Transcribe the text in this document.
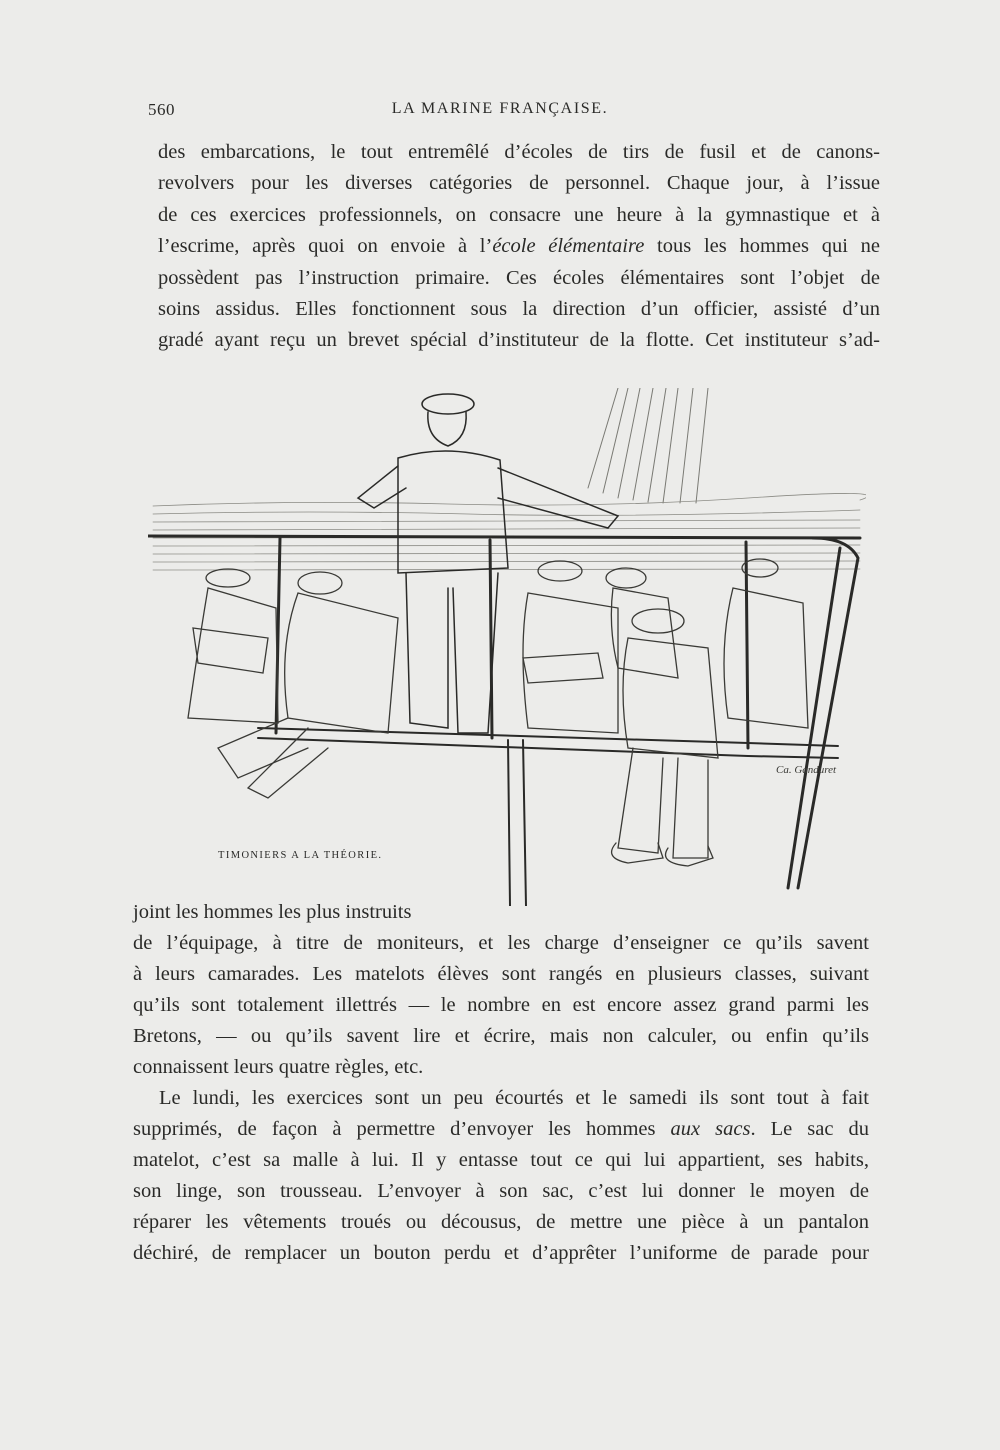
560	LA MARINE FRANÇAISE.
des embarcations, le tout entremêlé d’écoles de tirs de fusil et de canons-
revolvers pour les diverses catégories de personnel. Chaque jour, à l’issue
de ces exercices professionnels, on consacre une heure à la gymnastique et à
l’escrime, après quoi on envoie à l’école élémentaire tous les hommes qui ne
possèdent pas l’instruction primaire. Ces écoles élémentaires sont l’objet de
soins assidus. Elles fonctionnent sous la direction d’un officier, assisté d’un
gradé ayant reçu un brevet spécial d’instituteur de la flotte. Cet instituteur s’ad-
Ca. Ganduret
TIMONIERS A LA THÉORIE.
joint les hommes les plus instruits
de l’équipage, à titre de moniteurs, et les charge d’enseigner ce qu’ils savent
à leurs camarades. Les matelots élèves sont rangés en plusieurs classes, suivant
qu’ils sont totalement illettrés — le nombre en est encore assez grand parmi les
Bretons, — ou qu’ils savent lire et écrire, mais non calculer, ou enfin qu’ils
connaissent leurs quatre règles, etc.
Le lundi, les exercices sont un peu écourtés et le samedi ils sont tout à fait
supprimés, de façon à permettre d’envoyer les hommes aux sacs. Le sac du
matelot, c’est sa malle à lui. Il y entasse tout ce qui lui appartient, ses habits,
son linge, son trousseau. L’envoyer à son sac, c’est lui donner le moyen de
réparer les vêtements troués ou décousus, de mettre une pièce à un pantalon
déchiré, de remplacer un bouton perdu et d’apprêter l’uniforme de parade pour
